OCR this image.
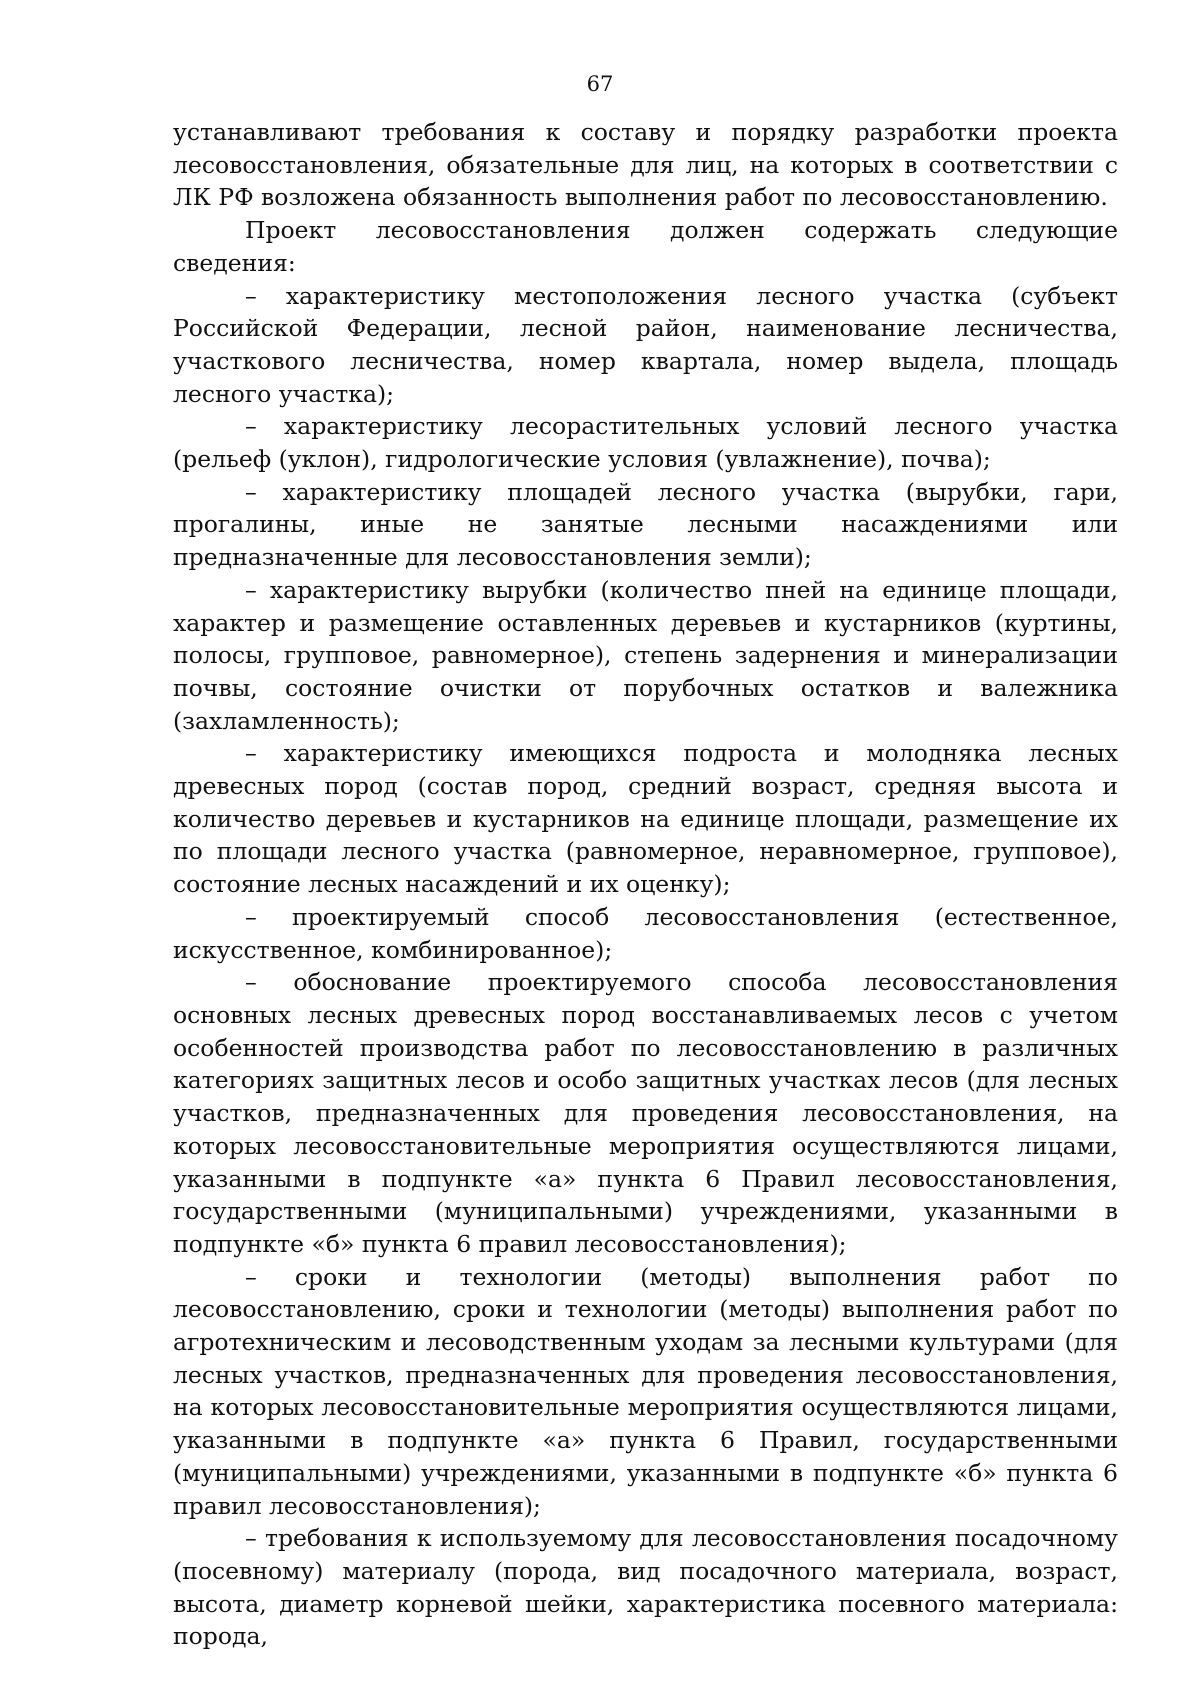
67

устанавливают требования к составу и порядку разработки проекта лесовосстановления, обязательные для лиц, на которых в соответствии с ЛК РФ возложена обязанность выполнения работ по лесовосстановлению.

Проект лесовосстановления должен содержать следующие сведения:

– характеристику местоположения лесного участка (субъект Российской Федерации, лесной район, наименование лесничества, участкового лесничества, номер квартала, номер выдела, площадь лесного участка);

– характеристику лесорастительных условий лесного участка (рельеф (уклон), гидрологические условия (увлажнение), почва);

– характеристику площадей лесного участка (вырубки, гари, прогалины, иные не занятые лесными насаждениями или предназначенные для лесовосстановления земли);

– характеристику вырубки (количество пней на единице площади, характер и размещение оставленных деревьев и кустарников (куртины, полосы, групповое, равномерное), степень задернения и минерализации почвы, состояние очистки от порубочных остатков и валежника (захламленность);

– характеристику имеющихся подроста и молодняка лесных древесных пород (состав пород, средний возраст, средняя высота и количество деревьев и кустарников на единице площади, размещение их по площади лесного участка (равномерное, неравномерное, групповое), состояние лесных насаждений и их оценку);

– проектируемый способ лесовосстановления (естественное, искусственное, комбинированное);

– обоснование проектируемого способа лесовосстановления основных лесных древесных пород восстанавливаемых лесов с учетом особенностей производства работ по лесовосстановлению в различных категориях защитных лесов и особо защитных участках лесов (для лесных участков, предназначенных для проведения лесовосстановления, на которых лесовосстановительные мероприятия осуществляются лицами, указанными в подпункте «а» пункта 6 Правил лесовосстановления, государственными (муниципальными) учреждениями, указанными в подпункте «б» пункта 6 правил лесовосстановления);

– сроки и технологии (методы) выполнения работ по лесовосстановлению, сроки и технологии (методы) выполнения работ по агротехническим и лесоводственным уходам за лесными культурами (для лесных участков, предназначенных для проведения лесовосстановления, на которых лесовосстановительные мероприятия осуществляются лицами, указанными в подпункте «а» пункта 6 Правил, государственными (муниципальными) учреждениями, указанными в подпункте «б» пункта 6 правил лесовосстановления);

– требования к используемому для лесовосстановления посадочному (посевному) материалу (порода, вид посадочного материала, возраст, высота, диаметр корневой шейки, характеристика посевного материала: порода,
